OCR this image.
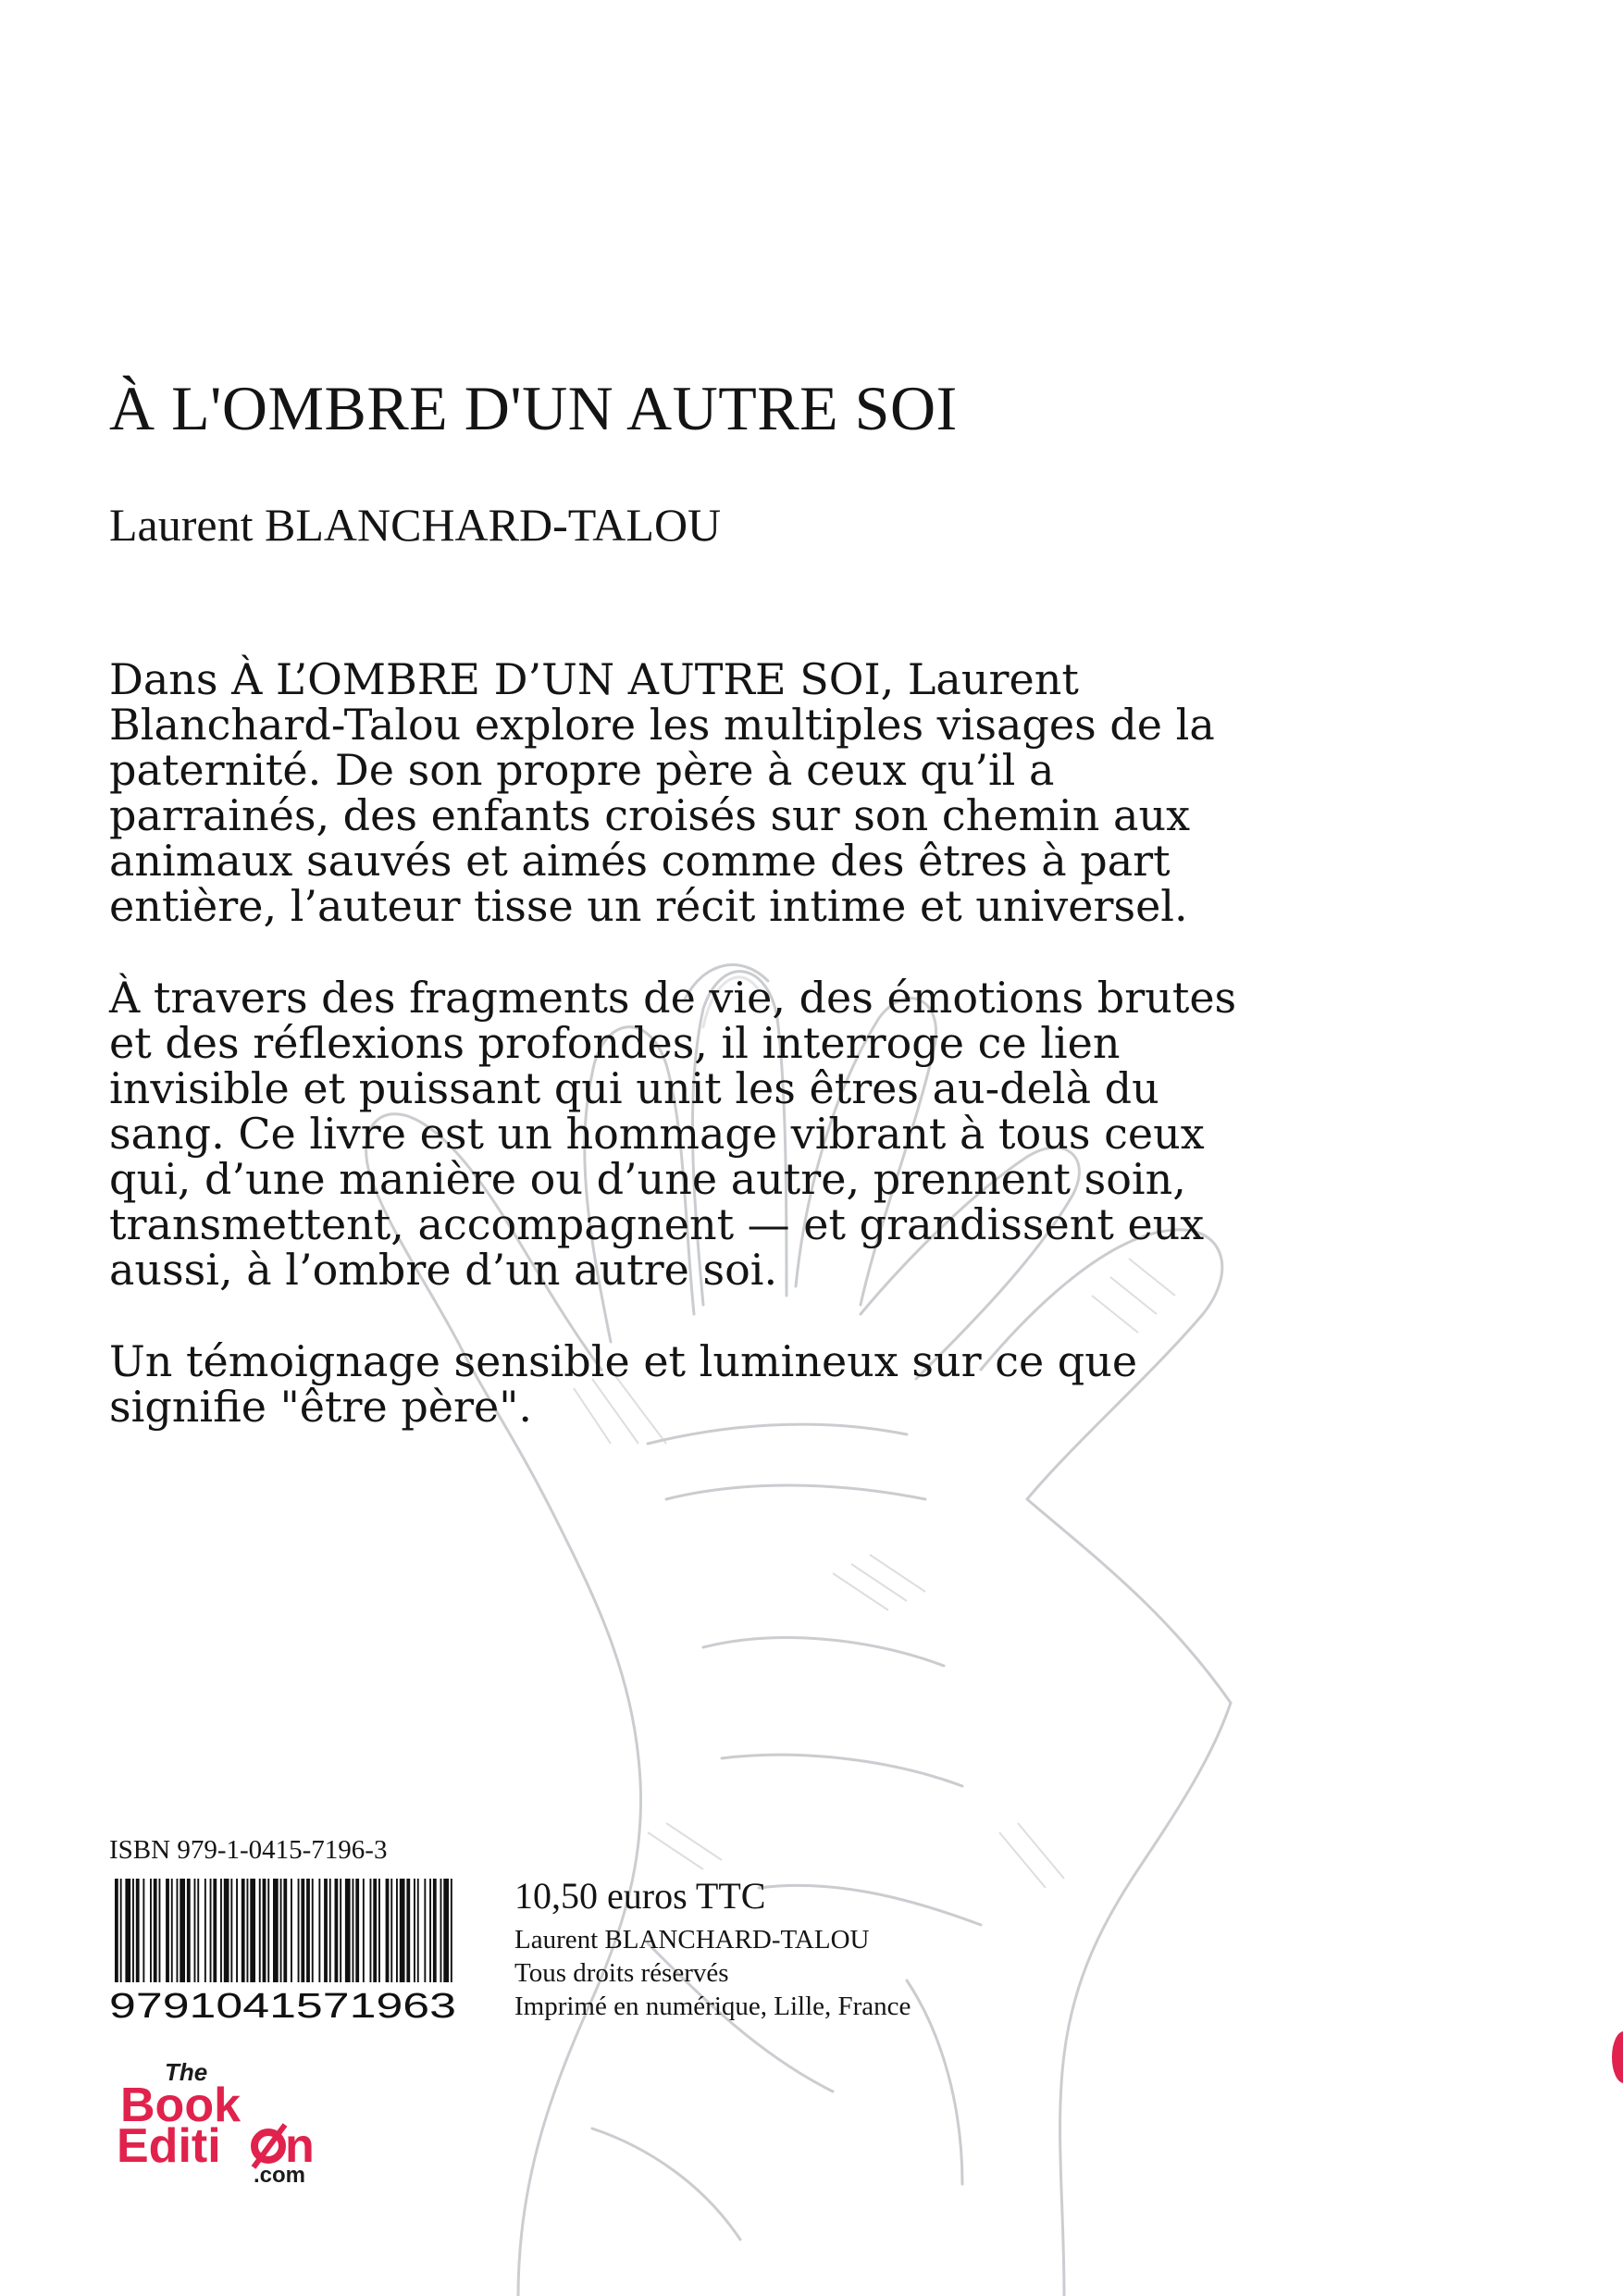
À L'OMBRE D'UN AUTRE SOI
Laurent BLANCHARD-TALOU

Dans À L’OMBRE D’UN AUTRE SOI, Laurent Blanchard-Talou explore les multiples visages de la paternité. De son propre père à ceux qu’il a parrainés, des enfants croisés sur son chemin aux animaux sauvés et aimés comme des êtres à part entière, l’auteur tisse un récit intime et universel.

À travers des fragments de vie, des émotions brutes et des réflexions profondes, il interroge ce lien invisible et puissant qui unit les êtres au-delà du sang. Ce livre est un hommage vibrant à tous ceux qui, d’une manière ou d’une autre, prennent soin, transmettent, accompagnent — et grandissent eux aussi, à l’ombre d’un autre soi.

Un témoignage sensible et lumineux sur ce que signifie "être père".

ISBN 979-1-0415-7196-3
9791041571963
10,50 euros TTC
Laurent BLANCHARD-TALOU
Tous droits réservés
Imprimé en numérique, Lille, France
The
Book
Editi n
.com
